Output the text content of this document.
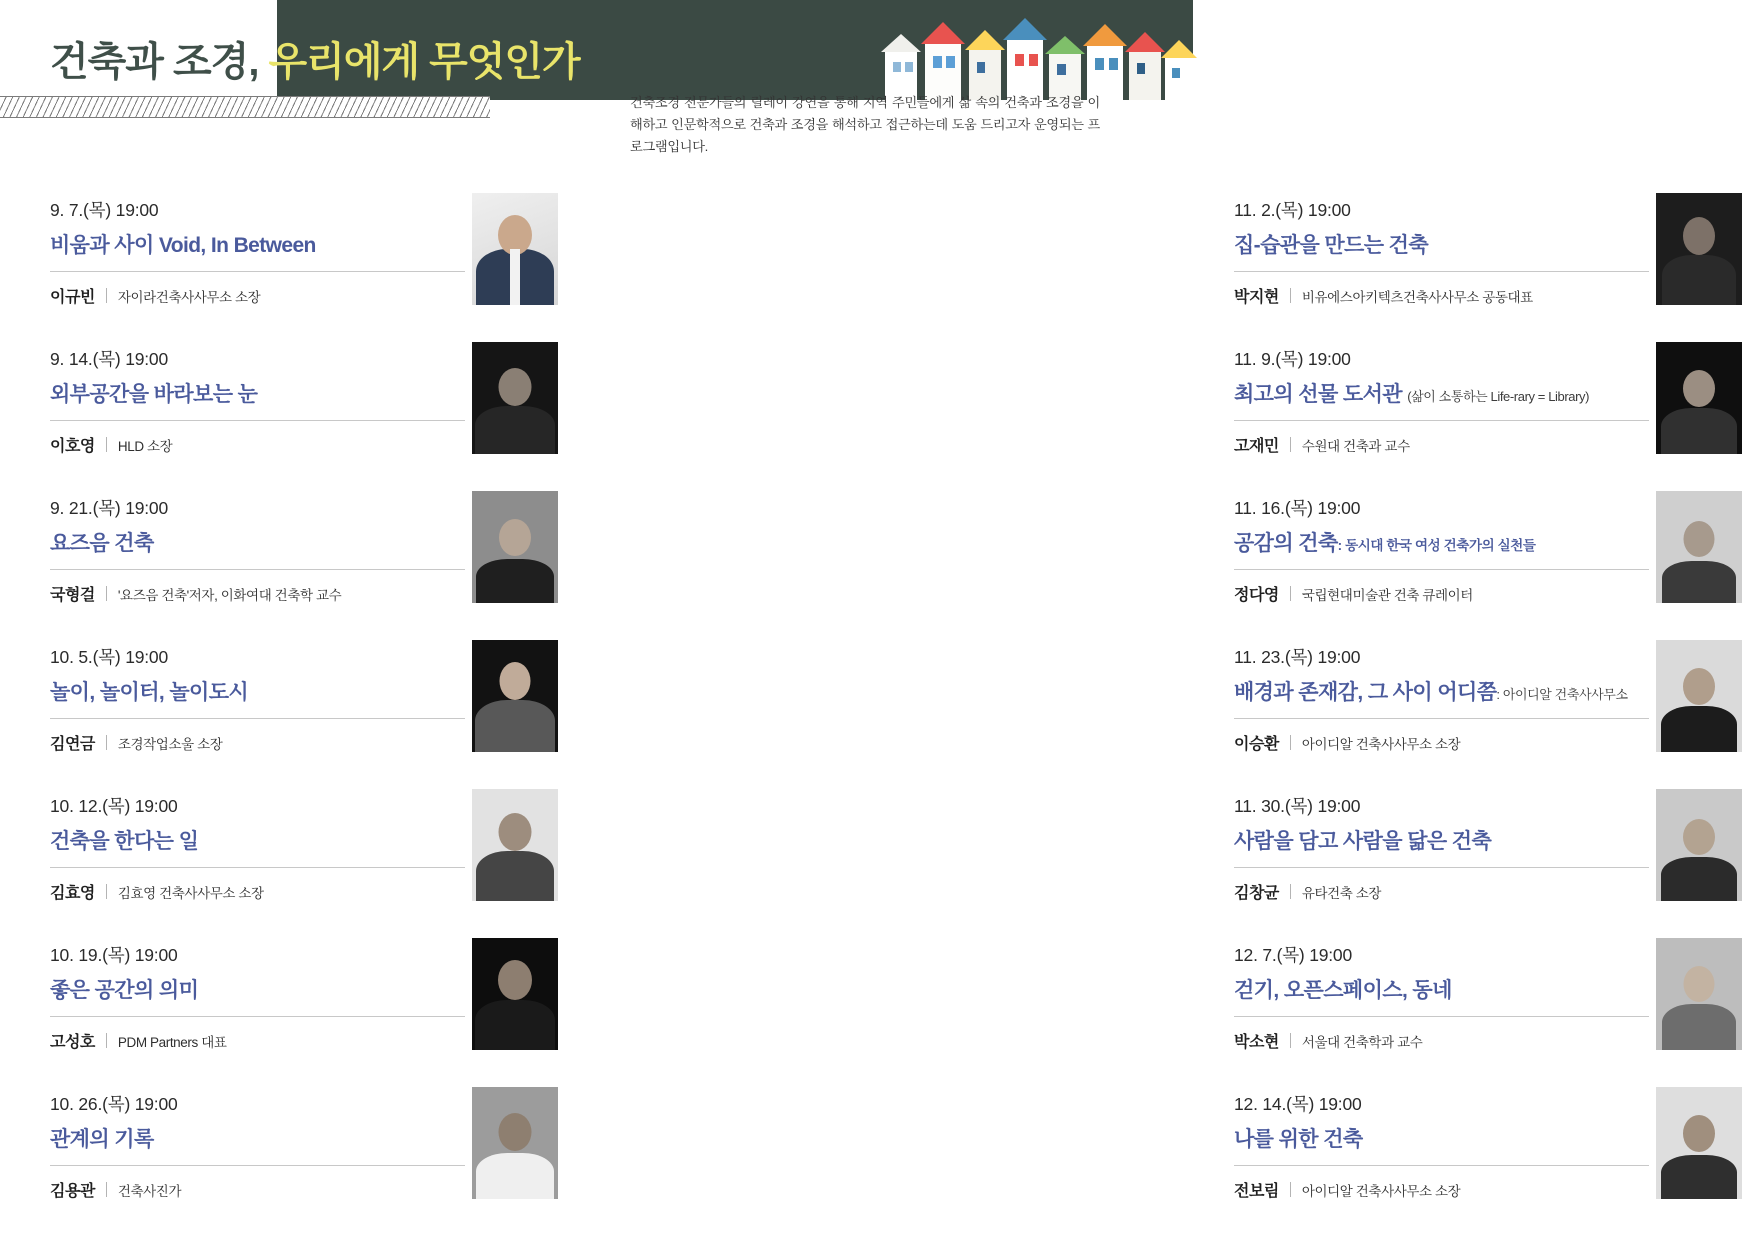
건축과 조경, 우리에게 무엇인가
건축조경 전문가들의 릴레이 강연을 통해 지역 주민들에게 삶 속의 건축과 조경을 이해하고 인문학적으로 건축과 조경을 해석하고 접근하는데 도움 드리고자 운영되는 프로그램입니다.
9. 7.(목) 19:00
비움과 사이 Void, In Between
이규빈 자이라건축사사무소 소장
11. 2.(목) 19:00
집-습관을 만드는 건축
박지현 비유에스아키텍츠건축사사무소 공동대표
9. 14.(목) 19:00
외부공간을 바라보는 눈
이호영 HLD 소장
11. 9.(목) 19:00
최고의 선물 도서관 (삶이 소통하는 Life-rary = Library)
고재민 수원대 건축과 교수
9. 21.(목) 19:00
요즈음 건축
국형걸 '요즈음 건축'저자, 이화여대 건축학 교수
11. 16.(목) 19:00
공감의 건축: 동시대 한국 여성 건축가의 실천들
정다영 국립현대미술관 건축 큐레이터
10. 5.(목) 19:00
놀이, 놀이터, 놀이도시
김연금 조경작업소울 소장
11. 23.(목) 19:00
배경과 존재감, 그 사이 어디쯤: 아이디알 건축사사무소
이승환 아이디알 건축사사무소 소장
10. 12.(목) 19:00
건축을 한다는 일
김효영 김효영 건축사사무소 소장
11. 30.(목) 19:00
사람을 담고 사람을 닮은 건축
김창균 유타건축 소장
10. 19.(목) 19:00
좋은 공간의 의미
고성호 PDM Partners 대표
12. 7.(목) 19:00
걷기, 오픈스페이스, 동네
박소현 서울대 건축학과 교수
10. 26.(목) 19:00
관계의 기록
김용관 건축사진가
12. 14.(목) 19:00
나를 위한 건축
전보림 아이디알 건축사사무소 소장
